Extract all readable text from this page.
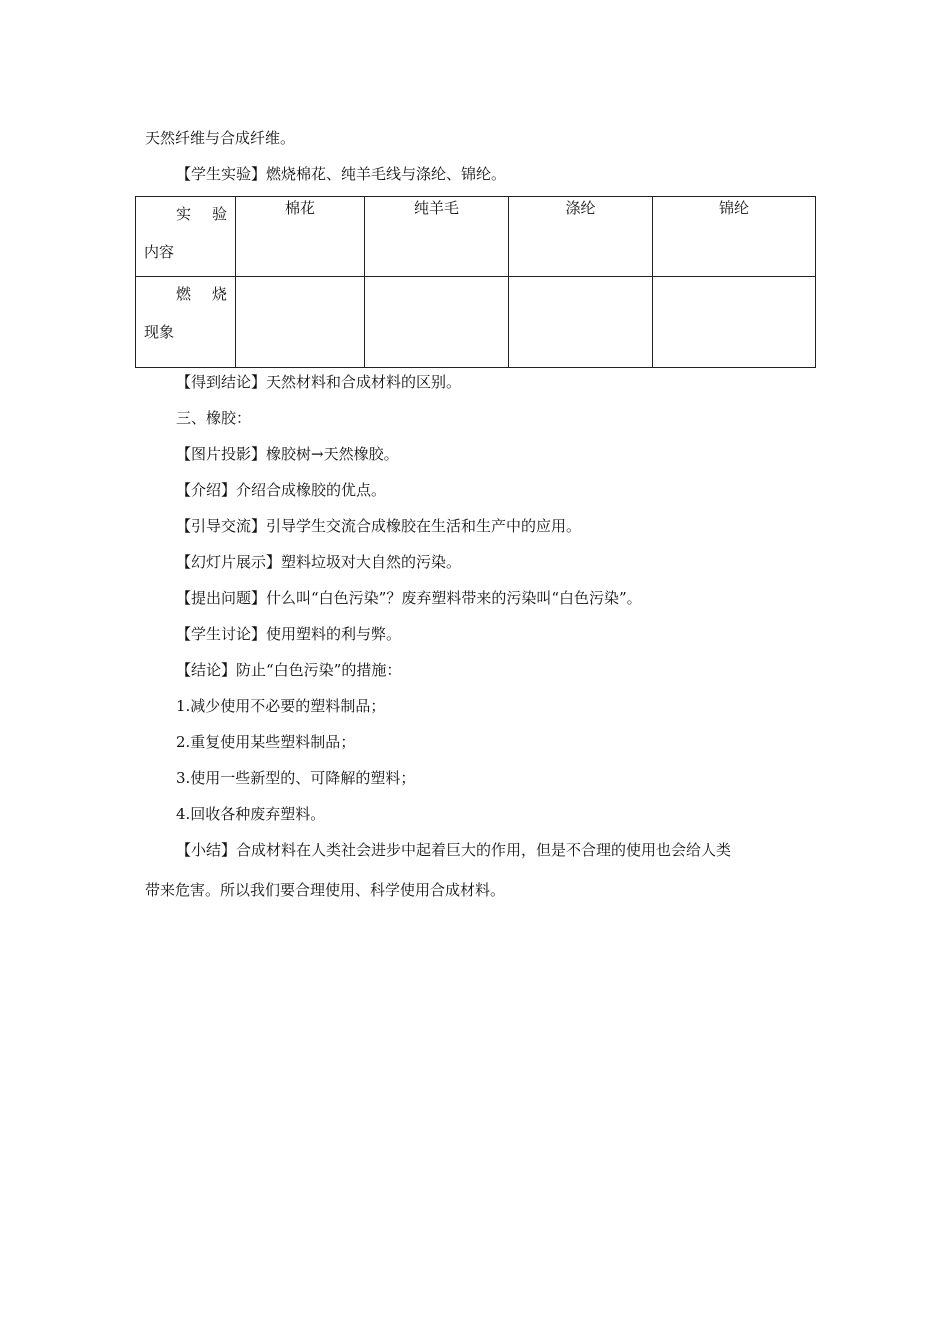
天然纤维与合成纤维。
【学生实验】燃烧棉花、纯羊毛线与涤纶、锦纶。
实 验
内容	棉花	纯羊毛	涤纶	锦纶

燃 烧
现象				

【得到结论】天然材料和合成材料的区别。
三、橡胶：
【图片投影】橡胶树→天然橡胶。
【介绍】介绍合成橡胶的优点。
【引导交流】引导学生交流合成橡胶在生活和生产中的应用。
【幻灯片展示】塑料垃圾对大自然的污染。
【提出问题】什么叫“白色污染”？废弃塑料带来的污染叫“白色污染”。
【学生讨论】使用塑料的利与弊。
【结论】防止“白色污染”的措施：
1.减少使用不必要的塑料制品；
2.重复使用某些塑料制品；
3.使用一些新型的、可降解的塑料；
4.回收各种废弃塑料。
【小结】合成材料在人类社会进步中起着巨大的作用，但是不合理的使用也会给人类
带来危害。所以我们要合理使用、科学使用合成材料。
